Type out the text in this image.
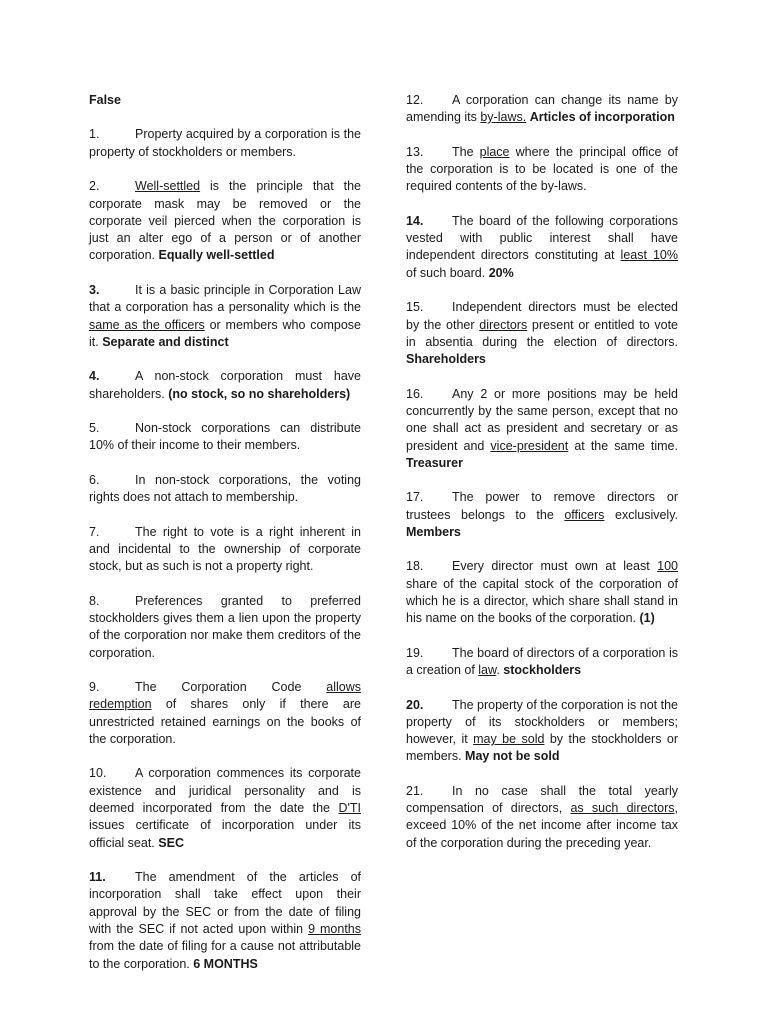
False

1.	Property acquired by a corporation is the property of stockholders or members.

2.	Well-settled is the principle that the corporate mask may be removed or the corporate veil pierced when the corporation is just an alter ego of a person or of another corporation. Equally well-settled

3.	It is a basic principle in Corporation Law that a corporation has a personality which is the same as the officers or members who compose it. Separate and distinct

4.	A non-stock corporation must have shareholders. (no stock, so no shareholders)

5.	Non-stock corporations can distribute 10% of their income to their members.

6.	In non-stock corporations, the voting rights does not attach to membership.

7.	The right to vote is a right inherent in and incidental to the ownership of corporate stock, but as such is not a property right.

8.	Preferences granted to preferred stockholders gives them a lien upon the property of the corporation nor make them creditors of the corporation.

9.	The Corporation Code allows redemption of shares only if there are unrestricted retained earnings on the books of the corporation.

10. A corporation commences its corporate existence and juridical personality and is deemed incorporated from the date the D'TI issues certificate of incorporation under its official seat. SEC

11. The amendment of the articles of incorporation shall take effect upon their approval by the SEC or from the date of filing with the SEC if not acted upon within 9 months from the date of filing for a cause not attributable to the corporation. 6 MONTHS

12. A corporation can change its name by amending its by-laws. Articles of incorporation

13. The place where the principal office of the corporation is to be located is one of the required contents of the by-laws.

14. The board of the following corporations vested with public interest shall have independent directors constituting at least 10% of such board. 20%

15. Independent directors must be elected by the other directors present or entitled to vote in absentia during the election of directors. Shareholders

16. Any 2 or more positions may be held concurrently by the same person, except that no one shall act as president and secretary or as president and vice-president at the same time. Treasurer

17. The power to remove directors or trustees belongs to the officers exclusively. Members

18. Every director must own at least 100 share of the capital stock of the corporation of which he is a director, which share shall stand in his name on the books of the corporation. (1)

19. The board of directors of a corporation is a creation of law. stockholders

20. The property of the corporation is not the property of its stockholders or members; however, it may be sold by the stockholders or members. May not be sold

21. In no case shall the total yearly compensation of directors, as such directors, exceed 10% of the net income after income tax of the corporation during the preceding year.
